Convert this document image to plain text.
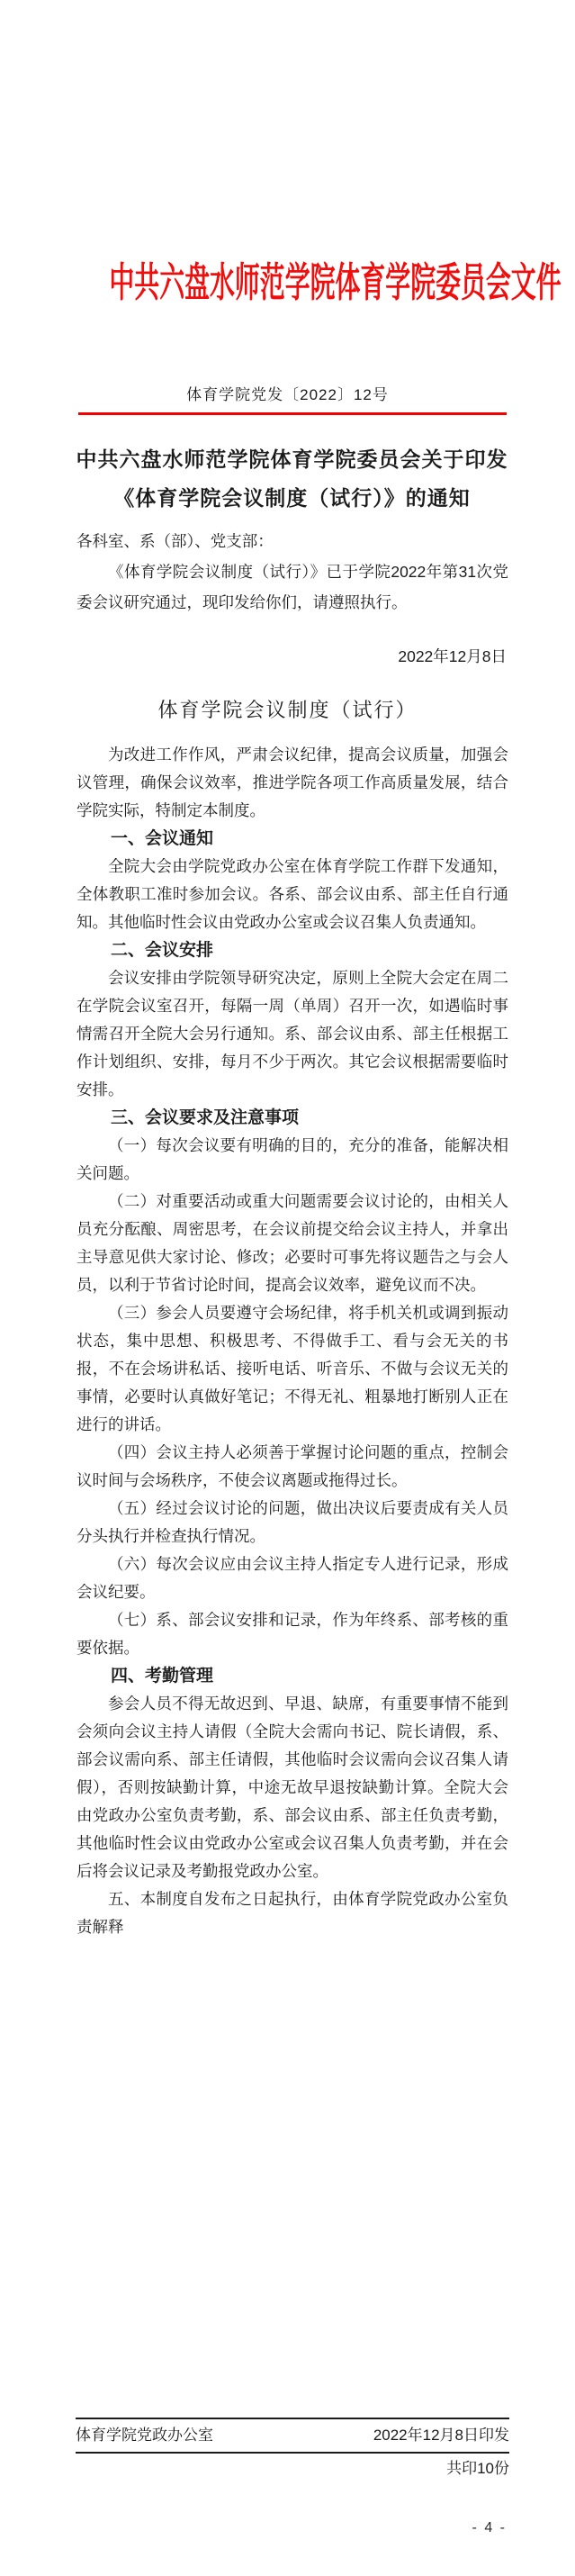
中共六盘水师范学院体育学院委员会文件
体育学院党发〔2022〕12号
中共六盘水师范学院体育学院委员会关于印发
《体育学院会议制度（试行）》的通知

各科室、系（部）、党支部：

《体育学院会议制度（试行）》已于学院2022年第31次党委会议研究通过，现印发给你们，请遵照执行。

2022年12月8日
体育学院会议制度（试行）

为改进工作作风，严肃会议纪律，提高会议质量，加强会议管理，确保会议效率，推进学院各项工作高质量发展，结合学院实际，特制定本制度。

一、会议通知

全院大会由学院党政办公室在体育学院工作群下发通知，全体教职工准时参加会议。各系、部会议由系、部主任自行通知。其他临时性会议由党政办公室或会议召集人负责通知。

二、会议安排

会议安排由学院领导研究决定，原则上全院大会定在周二在学院会议室召开，每隔一周（单周）召开一次，如遇临时事情需召开全院大会另行通知。系、部会议由系、部主任根据工作计划组织、安排，每月不少于两次。其它会议根据需要临时安排。

三、会议要求及注意事项

（一）每次会议要有明确的目的，充分的准备，能解决相关问题。

（二）对重要活动或重大问题需要会议讨论的，由相关人员充分酝酿、周密思考，在会议前提交给会议主持人，并拿出主导意见供大家讨论、修改；必要时可事先将议题告之与会人员，以利于节省讨论时间，提高会议效率，避免议而不决。

（三）参会人员要遵守会场纪律，将手机关机或调到振动状态，集中思想、积极思考、不得做手工、看与会无关的书报，不在会场讲私话、接听电话、听音乐、不做与会议无关的事情，必要时认真做好笔记；不得无礼、粗暴地打断别人正在进行的讲话。

（四）会议主持人必须善于掌握讨论问题的重点，控制会议时间与会场秩序，不使会议离题或拖得过长。

（五）经过会议讨论的问题，做出决议后要责成有关人员分头执行并检查执行情况。

（六）每次会议应由会议主持人指定专人进行记录，形成会议纪要。

（七）系、部会议安排和记录，作为年终系、部考核的重要依据。

四、考勤管理

参会人员不得无故迟到、早退、缺席，有重要事情不能到会须向会议主持人请假（全院大会需向书记、院长请假，系、部会议需向系、部主任请假，其他临时会议需向会议召集人请假），否则按缺勤计算，中途无故早退按缺勤计算。全院大会由党政办公室负责考勤，系、部会议由系、部主任负责考勤，其他临时性会议由党政办公室或会议召集人负责考勤，并在会后将会议记录及考勤报党政办公室。

五、本制度自发布之日起执行，由体育学院党政办公室负责解释

体育学院党政办公室	2022年12月8日印发
共印10份
- 4 -
